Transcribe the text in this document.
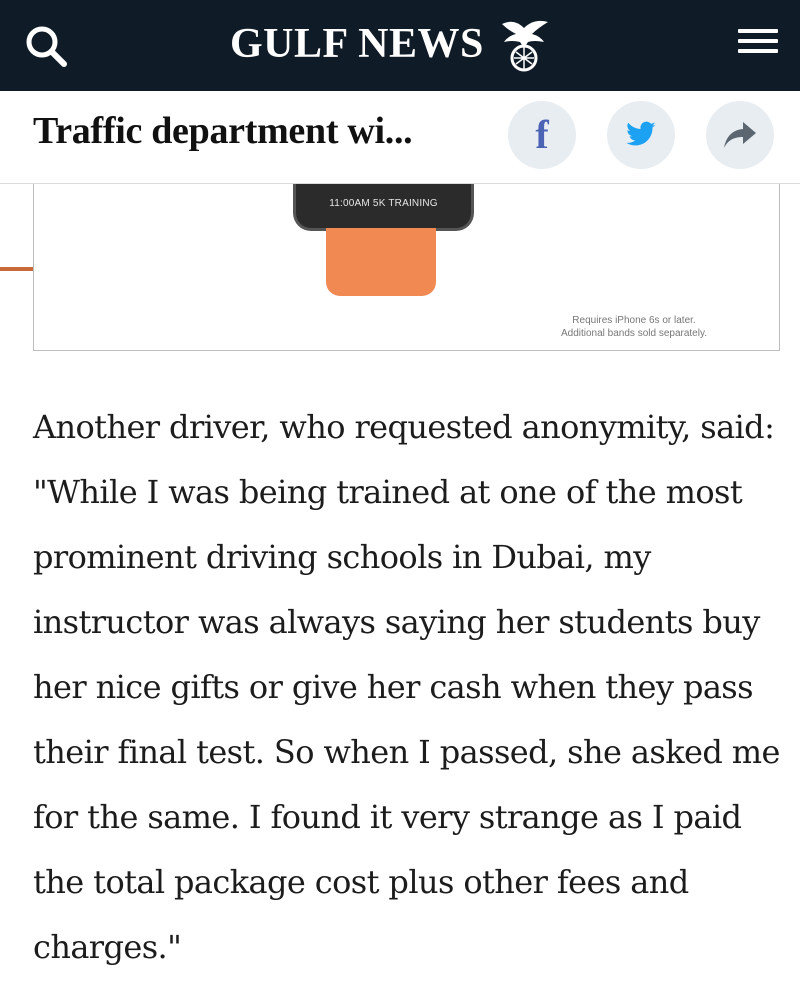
GULF NEWS
Traffic department wi...	f
11:00AM 5K TRAINING
Requires iPhone 6s or later.
Additional bands sold separately.
Another driver, who requested anonymity, said: "While I was being trained at one of the most prominent driving schools in Dubai, my instructor was always saying her students buy her nice gifts or give her cash when they pass their final test. So when I passed, she asked me for the same. I found it very strange as I paid the total package cost plus other fees and charges."
